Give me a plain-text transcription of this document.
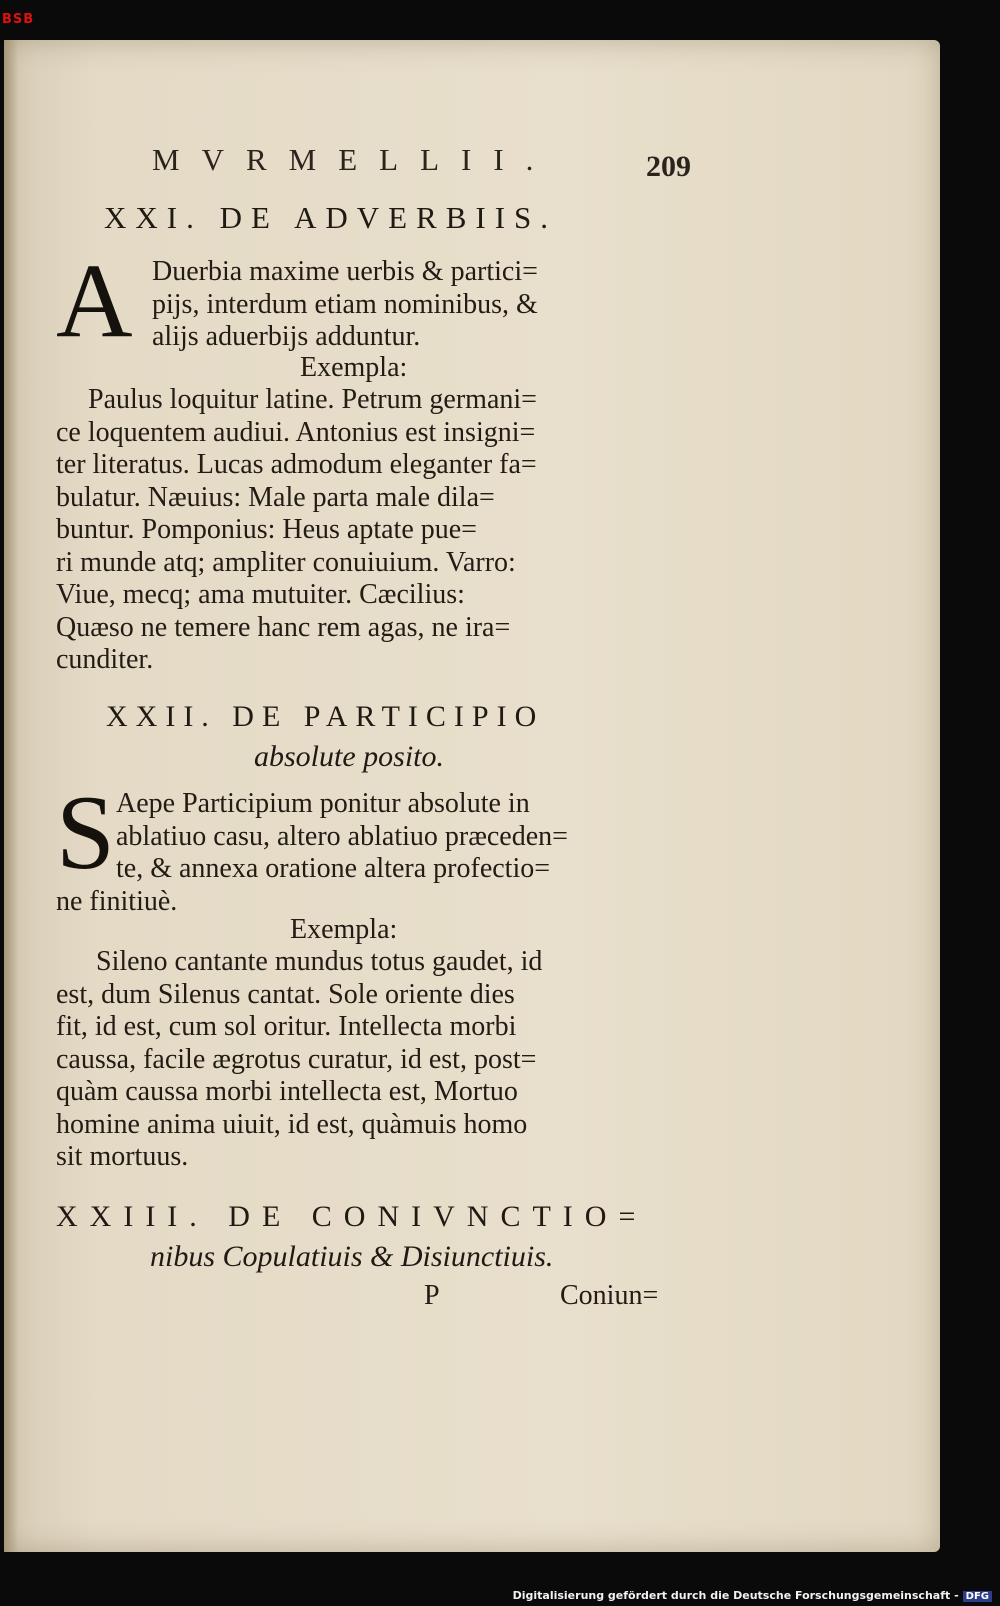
BSB
MVRMELLII.	209
XXI. DE ADVERBIIS.
A Duerbia maxime uerbis & partici=
pijs, interdum etiam nominibus, &
alijs aduerbijs adduntur.
Exempla:
Paulus loquitur latine. Petrum germani=
ce loquentem audiui. Antonius est insigni=
ter literatus. Lucas admodum eleganter fa=
bulatur. Næuius: Male parta male dila=
buntur. Pomponius: Heus aptate pue=
ri munde atq; ampliter conuiuium. Varro:
Viue, mecq; ama mutuiter. Cæcilius:
Quæso ne temere hanc rem agas, ne ira=
cunditer.
XXII. DE PARTICIPIO
absolute posito.
S Aepe Participium ponitur absolute in
ablatiuo casu, altero ablatiuo præceden=
te, & annexa oratione altera profectio=
ne finitiuè.
Exempla:
Sileno cantante mundus totus gaudet, id
est, dum Silenus cantat. Sole oriente dies
fit, id est, cum sol oritur. Intellecta morbi
caussa, facile ægrotus curatur, id est, post=
quàm caussa morbi intellecta est, Mortuo
homine anima uiuit, id est, quàmuis homo
sit mortuus.
XXIII. DE CONIVNCTIO=
nibus Copulatiuis & Disiunctiuis.
P	Coniun=
Digitalisierung gefördert durch die Deutsche Forschungsgemeinschaft - DFG
